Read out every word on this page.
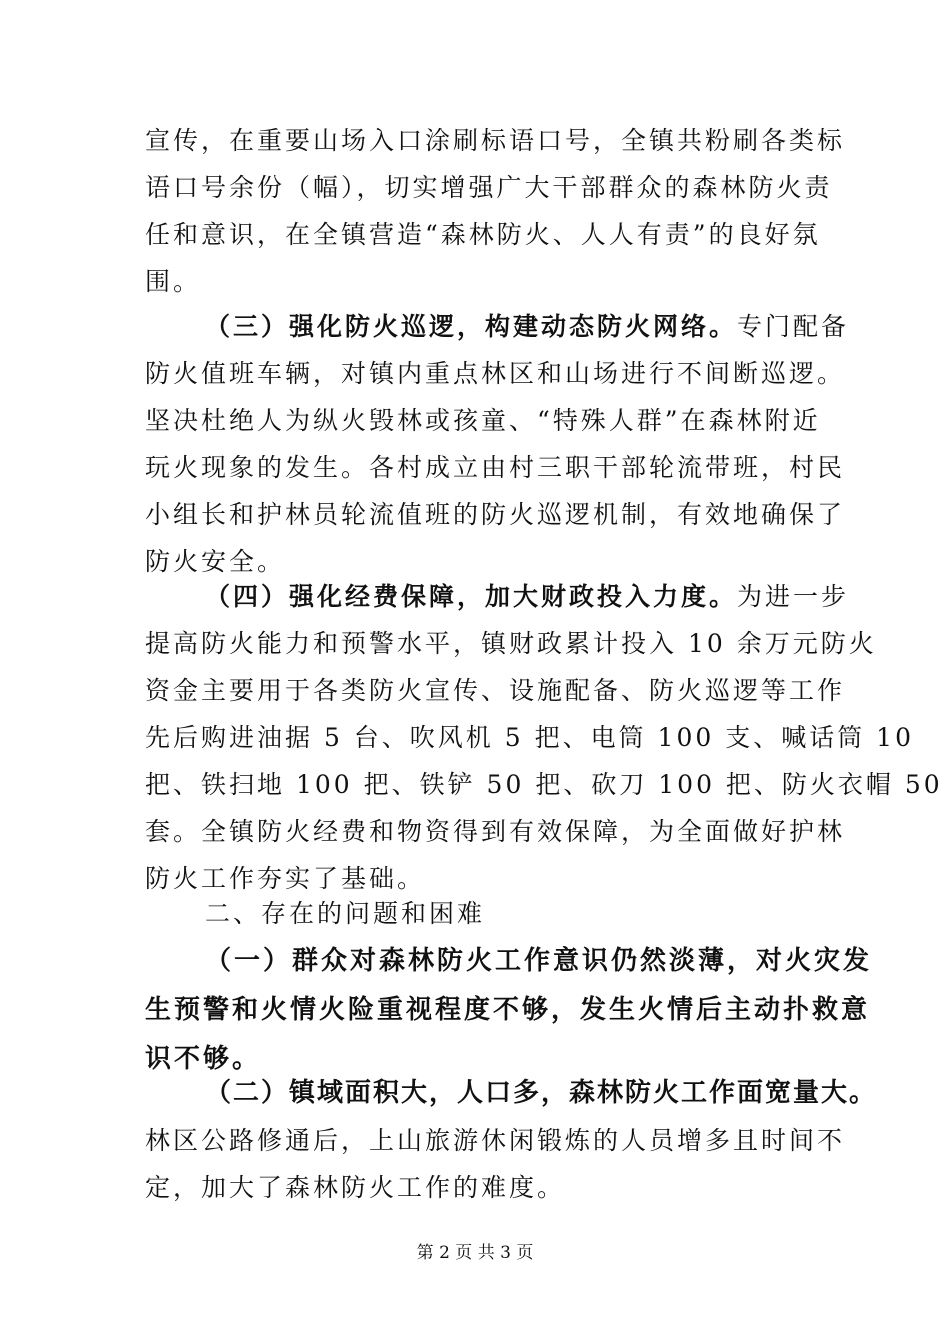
宣传，在重要山场入口涂刷标语口号，全镇共粉刷各类标
语口号余份（幅），切实增强广大干部群众的森林防火责
任和意识，在全镇营造“森林防火、人人有责”的良好氛
围。
（三）强化防火巡逻，构建动态防火网络。专门配备
防火值班车辆，对镇内重点林区和山场进行不间断巡逻。
坚决杜绝人为纵火毁林或孩童、“特殊人群”在森林附近
玩火现象的发生。各村成立由村三职干部轮流带班，村民
小组长和护林员轮流值班的防火巡逻机制，有效地确保了
防火安全。
（四）强化经费保障，加大财政投入力度。为进一步
提高防火能力和预警水平，镇财政累计投入 10 余万元防火
资金主要用于各类防火宣传、设施配备、防火巡逻等工作
先后购进油据 5 台、吹风机 5 把、电筒 100 支、喊话筒 10
把、铁扫地 100 把、铁铲 50 把、砍刀 100 把、防火衣帽 50
套。全镇防火经费和物资得到有效保障，为全面做好护林
防火工作夯实了基础。
二、存在的问题和困难
（一）群众对森林防火工作意识仍然淡薄，对火灾发
生预警和火情火险重视程度不够，发生火情后主动扑救意
识不够。
（二）镇域面积大，人口多，森林防火工作面宽量大。
林区公路修通后，上山旅游休闲锻炼的人员增多且时间不
定，加大了森林防火工作的难度。
第 2 页 共 3 页
